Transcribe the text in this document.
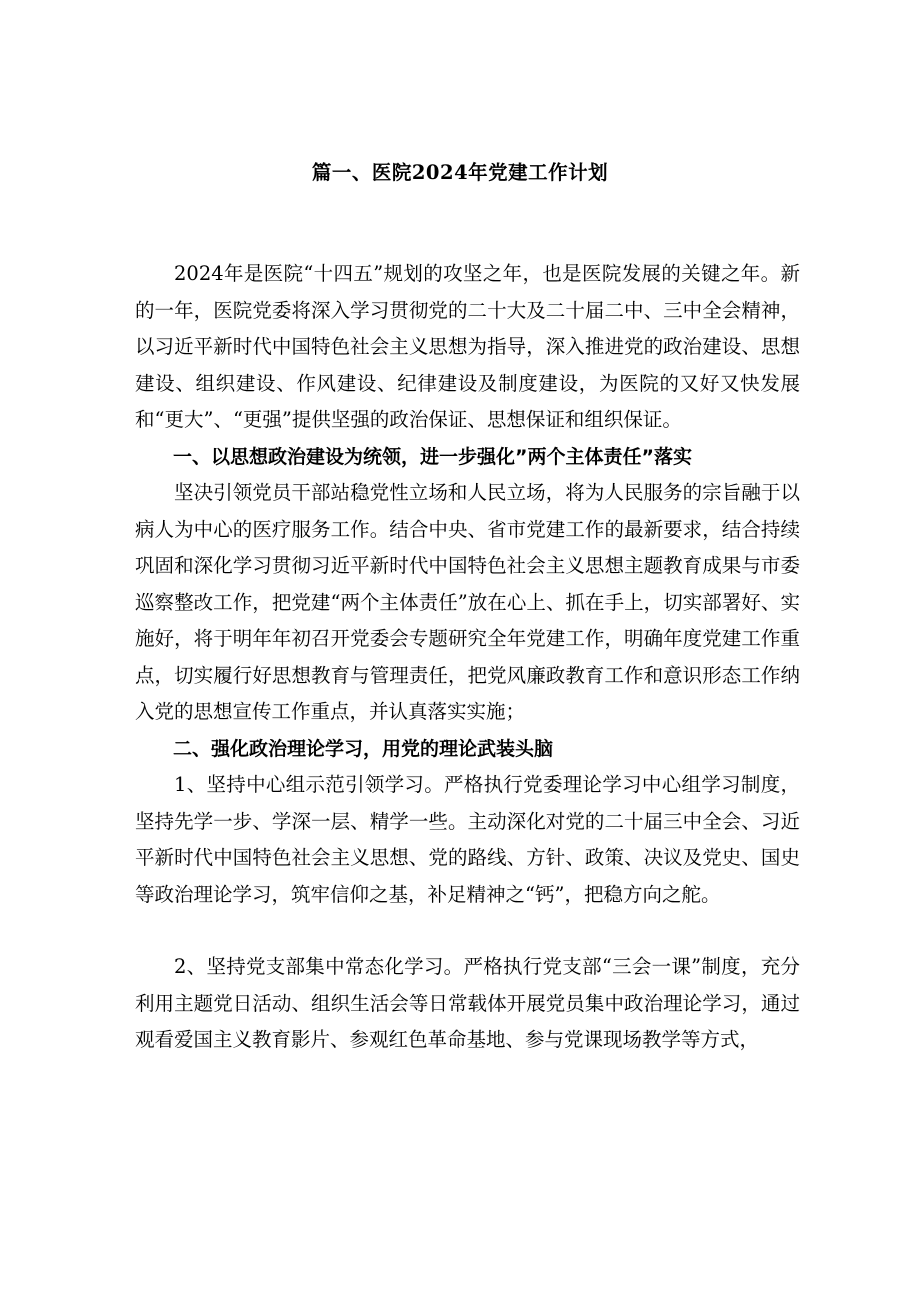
篇一、医院2024年党建工作计划

2024年是医院“十四五”规划的攻坚之年，也是医院发展的关键之年。新的一年，医院党委将深入学习贯彻党的二十大及二十届二中、三中全会精神，以习近平新时代中国特色社会主义思想为指导，深入推进党的政治建设、思想建设、组织建设、作风建设、纪律建设及制度建设，为医院的又好又快发展和“更大”、“更强”提供坚强的政治保证、思想保证和组织保证。

一、以思想政治建设为统领，进一步强化”两个主体责任”落实

坚决引领党员干部站稳党性立场和人民立场，将为人民服务的宗旨融于以病人为中心的医疗服务工作。结合中央、省市党建工作的最新要求，结合持续巩固和深化学习贯彻习近平新时代中国特色社会主义思想主题教育成果与市委巡察整改工作，把党建“两个主体责任”放在心上、抓在手上，切实部署好、实施好，将于明年年初召开党委会专题研究全年党建工作，明确年度党建工作重点，切实履行好思想教育与管理责任，把党风廉政教育工作和意识形态工作纳入党的思想宣传工作重点，并认真落实实施；

二、强化政治理论学习，用党的理论武装头脑

1、坚持中心组示范引领学习。严格执行党委理论学习中心组学习制度，坚持先学一步、学深一层、精学一些。主动深化对党的二十届三中全会、习近平新时代中国特色社会主义思想、党的路线、方针、政策、决议及党史、国史等政治理论学习，筑牢信仰之基，补足精神之“钙”，把稳方向之舵。

2、坚持党支部集中常态化学习。严格执行党支部“三会一课”制度，充分利用主题党日活动、组织生活会等日常载体开展党员集中政治理论学习，通过观看爱国主义教育影片、参观红色革命基地、参与党课现场教学等方式，
